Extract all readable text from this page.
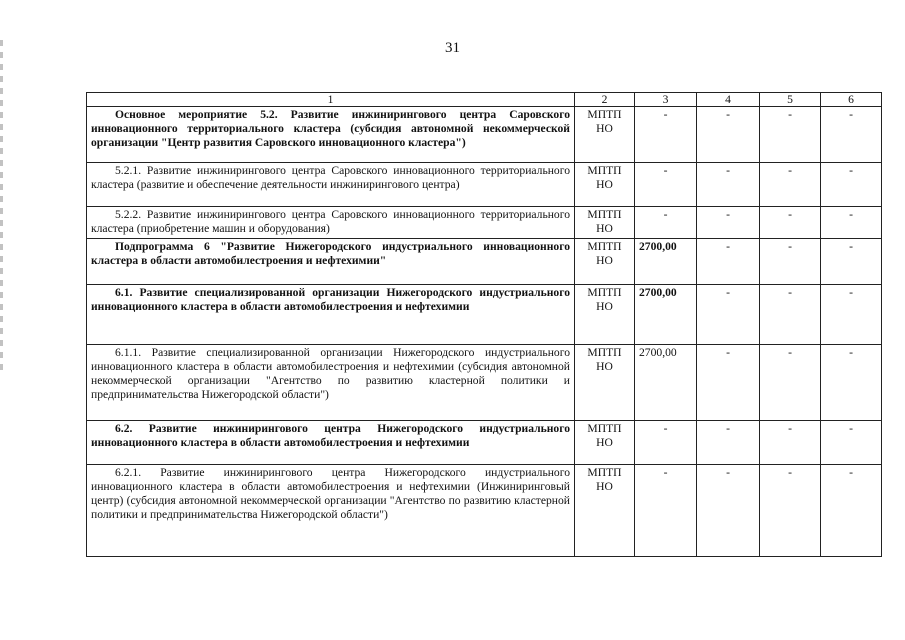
31
1	2	3	4	5	6
Основное мероприятие 5.2. Развитие инжинирингового центра Саровского инновационного территориального кластера (субсидия автономной некоммерческой организации "Центр развития Саровского инновационного кластера")	МПТП НО	-	-	-	-
5.2.1. Развитие инжинирингового центра Саровского инновационного территориального кластера (развитие и обеспечение деятельности инжинирингового центра)	МПТП НО	-	-	-	-
5.2.2. Развитие инжинирингового центра Саровского инновационного территориального кластера (приобретение машин и оборудования)	МПТП НО	-	-	-	-
Подпрограмма 6 "Развитие Нижегородского индустриального инновационного кластера в области автомобилестроения и нефтехимии"	МПТП НО	2700,00	-	-	-
6.1. Развитие специализированной организации Нижегородского индустриального инновационного кластера в области автомобилестроения и нефтехимии	МПТП НО	2700,00	-	-	-
6.1.1. Развитие специализированной организации Нижегородского индустриального инновационного кластера в области автомобилестроения и нефтехимии (субсидия автономной некоммерческой организации "Агентство по развитию кластерной политики и предпринимательства Нижегородской области")	МПТП НО	2700,00	-	-	-
6.2. Развитие инжинирингового центра Нижегородского индустриального инновационного кластера в области автомобилестроения и нефтехимии	МПТП НО	-	-	-	-
6.2.1. Развитие инжинирингового центра Нижегородского индустриального инновационного кластера в области автомобилестроения и нефтехимии (Инжиниринговый центр) (субсидия автономной некоммерческой организации "Агентство по развитию кластерной политики и предпринимательства Нижегородской области")	МПТП НО	-	-	-	-
